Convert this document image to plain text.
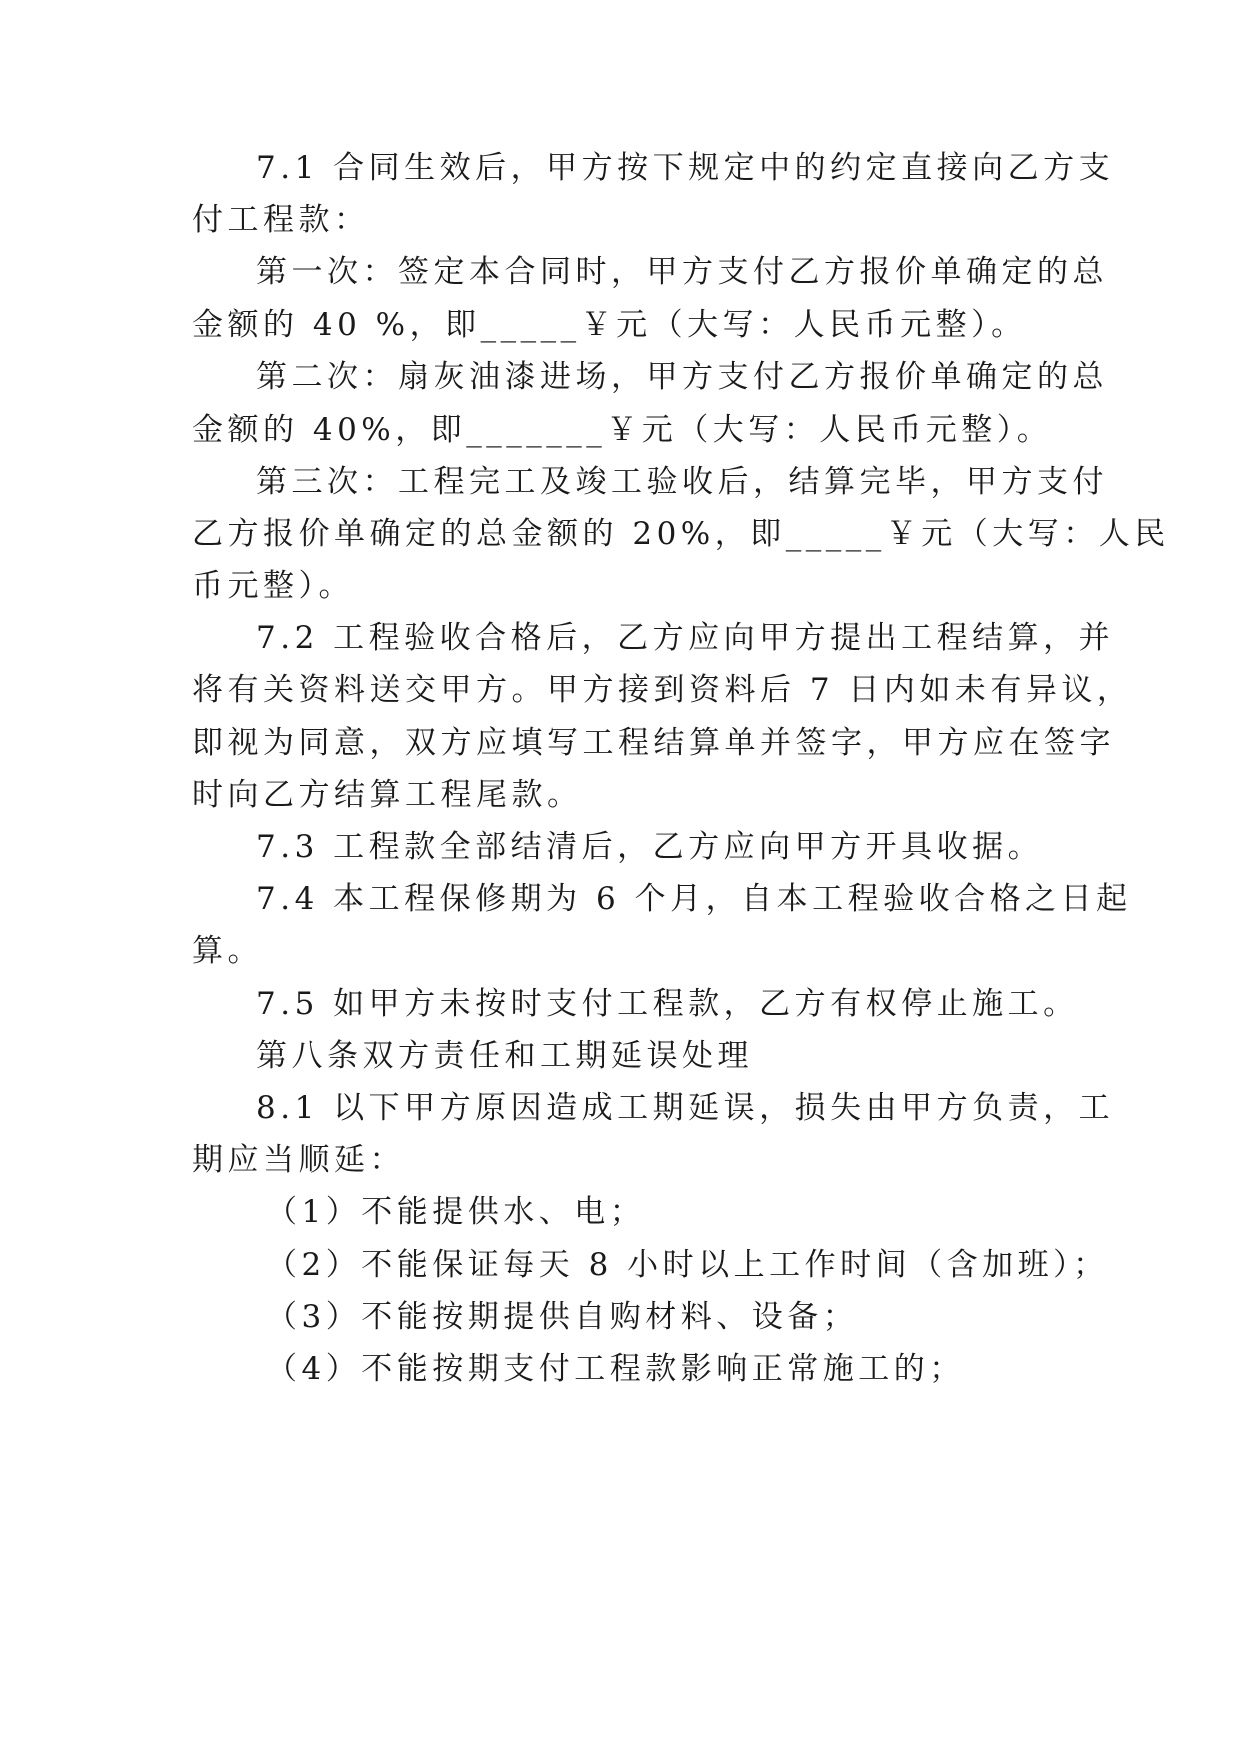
7.1 合同生效后，甲方按下规定中的约定直接向乙方支

付工程款：

第一次：签定本合同时，甲方支付乙方报价单确定的总

金额的 40 %，即_____￥元（大写：人民币元整）。

第二次：扇灰油漆进场，甲方支付乙方报价单确定的总

金额的 40%，即_______￥元（大写：人民币元整）。

第三次：工程完工及竣工验收后，结算完毕，甲方支付

乙方报价单确定的总金额的 20%，即_____￥元（大写：人民

币元整）。

7.2 工程验收合格后，乙方应向甲方提出工程结算，并

将有关资料送交甲方。甲方接到资料后 7 日内如未有异议，

即视为同意，双方应填写工程结算单并签字，甲方应在签字

时向乙方结算工程尾款。

7.3 工程款全部结清后，乙方应向甲方开具收据。

7.4 本工程保修期为 6 个月，自本工程验收合格之日起

算。

7.5 如甲方未按时支付工程款，乙方有权停止施工。

第八条双方责任和工期延误处理

8.1 以下甲方原因造成工期延误，损失由甲方负责，工

期应当顺延：

（1）不能提供水、电；

（2）不能保证每天 8 小时以上工作时间（含加班）；

（3）不能按期提供自购材料、设备；

（4）不能按期支付工程款影响正常施工的；
